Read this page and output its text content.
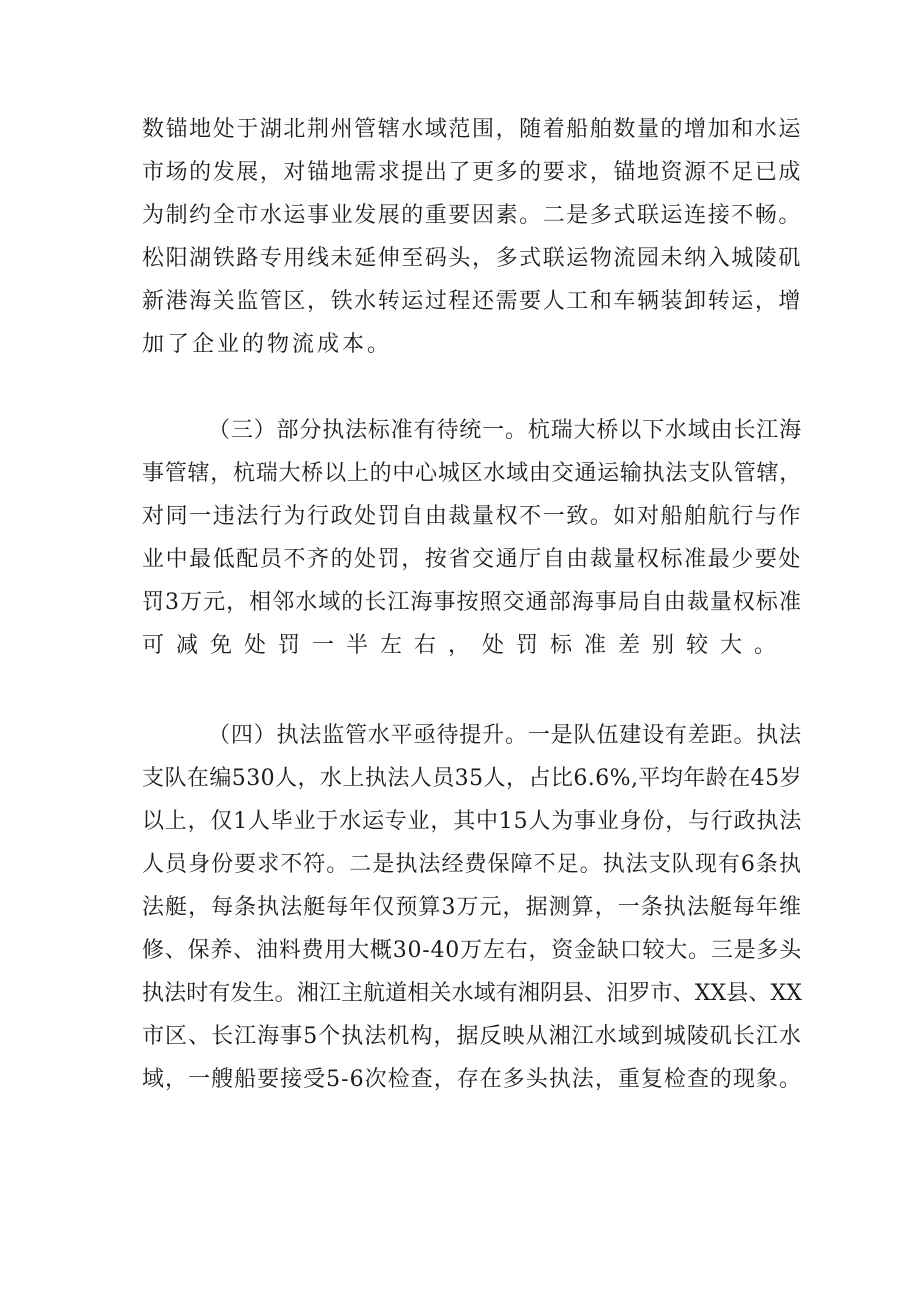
数锚地处于湖北荆州管辖水域范围，随着船舶数量的增加和水运
市场的发展，对锚地需求提出了更多的要求，锚地资源不足已成
为制约全市水运事业发展的重要因素。二是多式联运连接不畅。
松阳湖铁路专用线未延伸至码头，多式联运物流园未纳入城陵矶
新港海关监管区，铁水转运过程还需要人工和车辆装卸转运，增
加了企业的物流成本。

（三）部分执法标准有待统一。杭瑞大桥以下水域由长江海
事管辖，杭瑞大桥以上的中心城区水域由交通运输执法支队管辖，
对同一违法行为行政处罚自由裁量权不一致。如对船舶航行与作
业中最低配员不齐的处罚，按省交通厅自由裁量权标准最少要处
罚3万元，相邻水域的长江海事按照交通部海事局自由裁量权标准
可减免处罚一半左右，处罚标准差别较大。

（四）执法监管水平亟待提升。一是队伍建设有差距。执法
支队在编530人，水上执法人员35人，占比6.6%,平均年龄在45岁
以上，仅1人毕业于水运专业，其中15人为事业身份，与行政执法
人员身份要求不符。二是执法经费保障不足。执法支队现有6条执
法艇，每条执法艇每年仅预算3万元，据测算，一条执法艇每年维
修、保养、油料费用大概30-40万左右，资金缺口较大。三是多头
执法时有发生。湘江主航道相关水域有湘阴县、汨罗市、XX县、XX
市区、长江海事5个执法机构，据反映从湘江水域到城陵矶长江水
域，一艘船要接受5-6次检查，存在多头执法，重复检查的现象。
